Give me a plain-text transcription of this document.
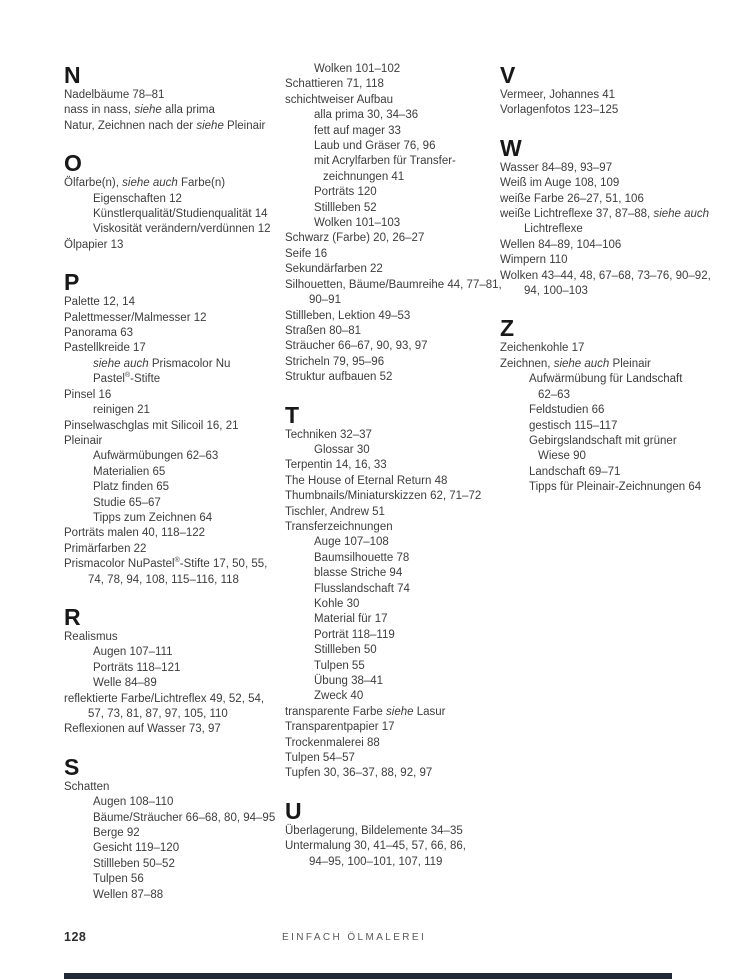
N
Nadelbäume 78–81
nass in nass, siehe alla prima
Natur, Zeichnen nach der siehe Pleinair
O
Ölfarbe(n), siehe auch Farbe(n)
Eigenschaften 12
Künstlerqualität/Studienqualität 14
Viskosität verändern/verdünnen 12
Ölpapier 13
P
Palette 12, 14
Palettmesser/Malmesser 12
Panorama 63
Pastellkreide 17
siehe auch Prismacolor Nu
Pastel®-Stifte
Pinsel 16
reinigen 21
Pinselwaschglas mit Silicoil 16, 21
Pleinair
Aufwärmübungen 62–63
Materialien 65
Platz finden 65
Studie 65–67
Tipps zum Zeichnen 64
Porträts malen 40, 118–122
Primärfarben 22
Prismacolor NuPastel®-Stifte 17, 50, 55,
74, 78, 94, 108, 115–116, 118
R
Realismus
Augen 107–111
Porträts 118–121
Welle 84–89
reflektierte Farbe/Lichtreflex 49, 52, 54,
57, 73, 81, 87, 97, 105, 110
Reflexionen auf Wasser 73, 97
S
Schatten
Augen 108–110
Bäume/Sträucher 66–68, 80, 94–95
Berge 92
Gesicht 119–120
Stillleben 50–52
Tulpen 56
Wellen 87–88
Wolken 101–102
Schattieren 71, 118
schichtweiser Aufbau
alla prima 30, 34–36
fett auf mager 33
Laub und Gräser 76, 96
mit Acrylfarben für Transfer-
zeichnungen 41
Porträts 120
Stillleben 52
Wolken 101–103
Schwarz (Farbe) 20, 26–27
Seife 16
Sekundärfarben 22
Silhouetten, Bäume/Baumreihe 44, 77–81,
90–91
Stillleben, Lektion 49–53
Straßen 80–81
Sträucher 66–67, 90, 93, 97
Stricheln 79, 95–96
Struktur aufbauen 52
T
Techniken 32–37
Glossar 30
Terpentin 14, 16, 33
The House of Eternal Return 48
Thumbnails/Miniaturskizzen 62, 71–72
Tischler, Andrew 51
Transferzeichnungen
Auge 107–108
Baumsilhouette 78
blasse Striche 94
Flusslandschaft 74
Kohle 30
Material für 17
Porträt 118–119
Stillleben 50
Tulpen 55
Übung 38–41
Zweck 40
transparente Farbe siehe Lasur
Transparentpapier 17
Trockenmalerei 88
Tulpen 54–57
Tupfen 30, 36–37, 88, 92, 97
U
Überlagerung, Bildelemente 34–35
Untermalung 30, 41–45, 57, 66, 86,
94–95, 100–101, 107, 119
V
Vermeer, Johannes 41
Vorlagenfotos 123–125
W
Wasser 84–89, 93–97
Weiß im Auge 108, 109
weiße Farbe 26–27, 51, 106
weiße Lichtreflexe 37, 87–88, siehe auch
Lichtreflexe
Wellen 84–89, 104–106
Wimpern 110
Wolken 43–44, 48, 67–68, 73–76, 90–92,
94, 100–103
Z
Zeichenkohle 17
Zeichnen, siehe auch Pleinair
Aufwärmübung für Landschaft
62–63
Feldstudien 66
gestisch 115–117
Gebirgslandschaft mit grüner
Wiese 90
Landschaft 69–71
Tipps für Pleinair-Zeichnungen 64
128	EINFACH ÖLMALEREI
